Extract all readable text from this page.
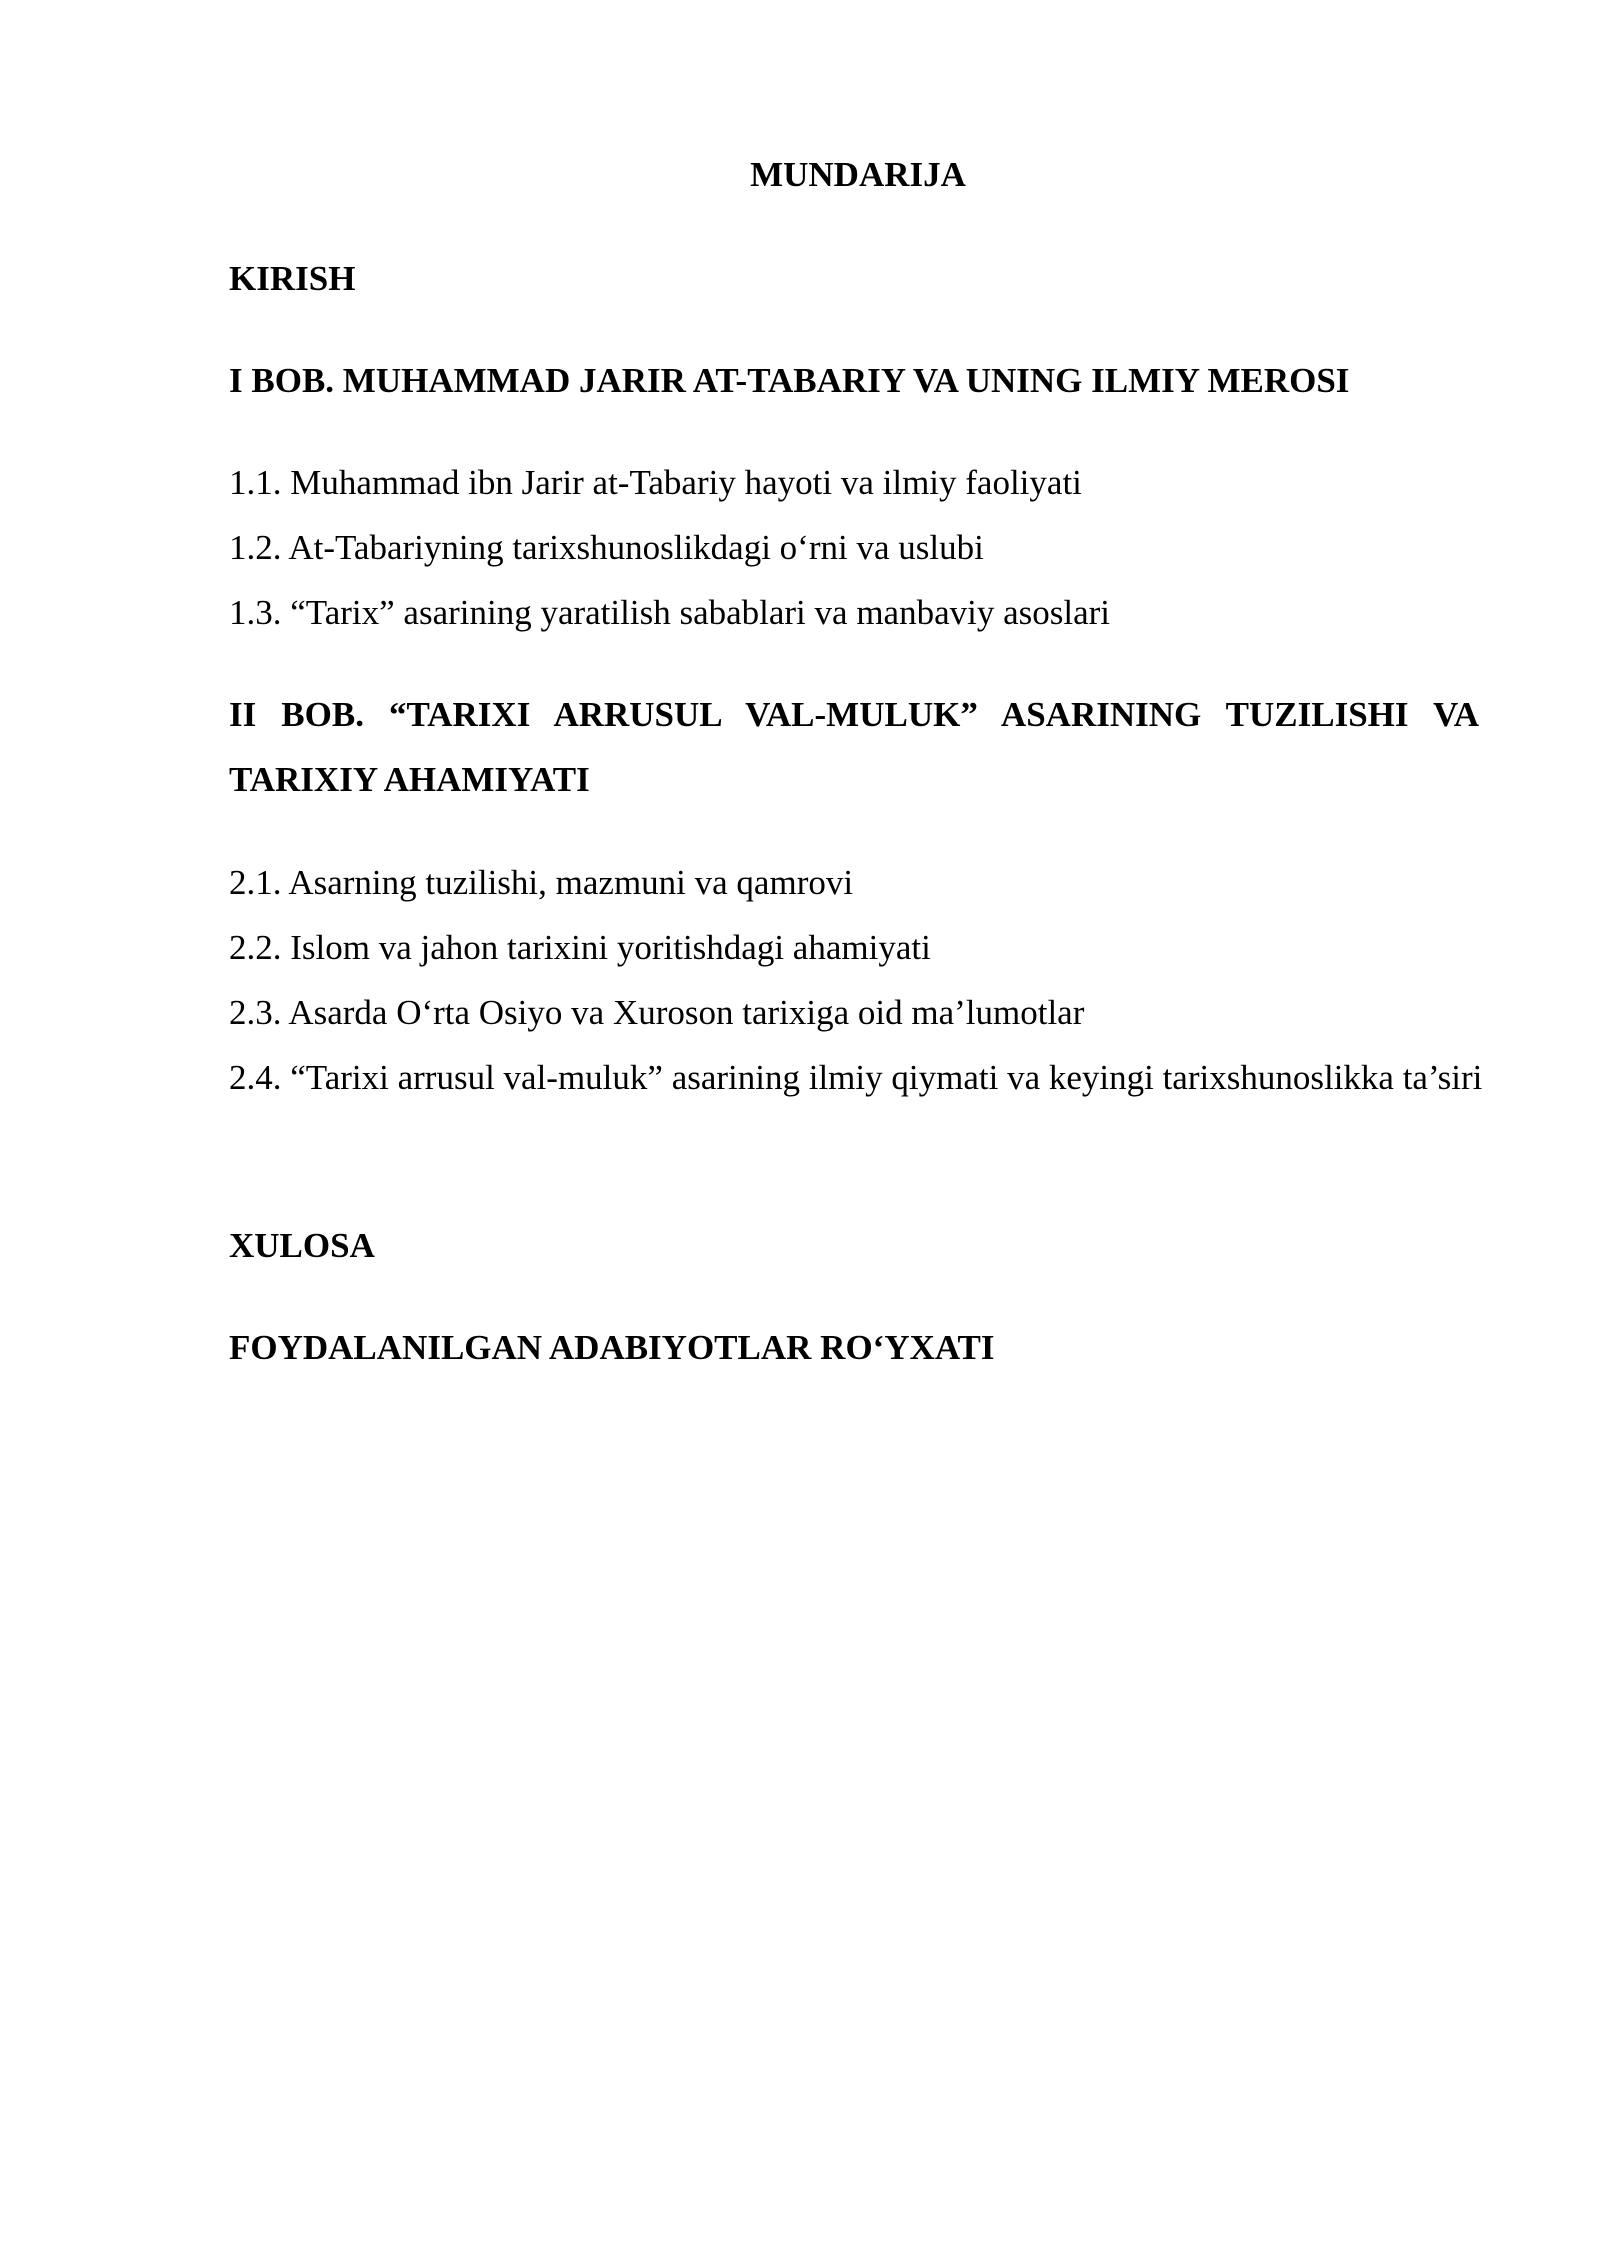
MUNDARIJA
KIRISH
I BOB. MUHAMMAD JARIR AT-TABARIY VA UNING ILMIY MEROSI
1.1. Muhammad ibn Jarir at-Tabariy hayoti va ilmiy faoliyati
1.2. At-Tabariyning tarixshunoslikdagi o‘rni va uslubi
1.3. “Tarix” asarining yaratilish sabablari va manbaviy asoslari
II BOB. “TARIXI ARRUSUL VAL-MULUK” ASARINING TUZILISHI VA TARIXIY AHAMIYATI
2.1. Asarning tuzilishi, mazmuni va qamrovi
2.2. Islom va jahon tarixini yoritishdagi ahamiyati
2.3. Asarda O‘rta Osiyo va Xuroson tarixiga oid ma’lumotlar
2.4. “Tarixi arrusul val-muluk” asarining ilmiy qiymati va keyingi tarixshunoslikka ta’siri
XULOSA
FOYDALANILGAN ADABIYOTLAR RO‘YXATI
